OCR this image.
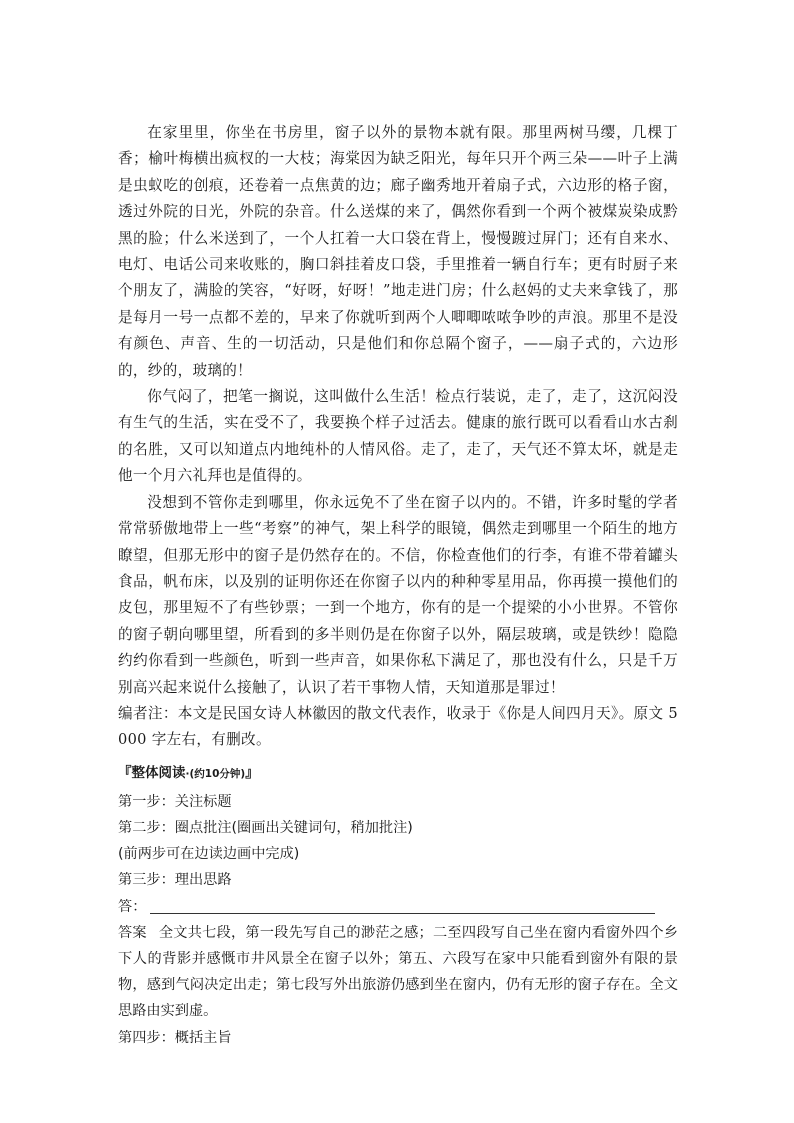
在家里里，你坐在书房里，窗子以外的景物本就有限。那里两树马缨，几棵丁香；榆叶梅横出疯杈的一大枝；海棠因为缺乏阳光，每年只开个两三朵——叶子上满是虫蚁吃的创痕，还卷着一点焦黄的边；廊子幽秀地开着扇子式，六边形的格子窗，透过外院的日光，外院的杂音。什么送煤的来了，偶然你看到一个两个被煤炭染成黔黑的脸；什么米送到了，一个人扛着一大口袋在背上，慢慢踱过屏门；还有自来水、电灯、电话公司来收账的，胸口斜挂着皮口袋，手里推着一辆自行车；更有时厨子来个朋友了，满脸的笑容，“好呀，好呀！”地走进门房；什么赵妈的丈夫来拿钱了，那是每月一号一点都不差的，早来了你就听到两个人唧唧哝哝争吵的声浪。那里不是没有颜色、声音、生的一切活动，只是他们和你总隔个窗子，——扇子式的，六边形的，纱的，玻璃的！

你气闷了，把笔一搁说，这叫做什么生活！检点行装说，走了，走了，这沉闷没有生气的生活，实在受不了，我要换个样子过活去。健康的旅行既可以看看山水古刹的名胜，又可以知道点内地纯朴的人情风俗。走了，走了，天气还不算太坏，就是走他一个月六礼拜也是值得的。

没想到不管你走到哪里，你永远免不了坐在窗子以内的。不错，许多时髦的学者常常骄傲地带上一些“考察”的神气，架上科学的眼镜，偶然走到哪里一个陌生的地方瞭望，但那无形中的窗子是仍然存在的。不信，你检查他们的行李，有谁不带着罐头食品，帆布床，以及别的证明你还在你窗子以内的种种零星用品，你再摸一摸他们的皮包，那里短不了有些钞票；一到一个地方，你有的是一个提梁的小小世界。不管你的窗子朝向哪里望，所看到的多半则仍是在你窗子以外，隔层玻璃，或是铁纱！隐隐约约你看到一些颜色，听到一些声音，如果你私下满足了，那也没有什么，只是千万别高兴起来说什么接触了，认识了若干事物人情，天知道那是罪过！

编者注：本文是民国女诗人林徽因的散文代表作，收录于《你是人间四月天》。原文 5 000 字左右，有删改。

『整体阅读·(约10分钟)』

第一步：关注标题

第二步：圈点批注(圈画出关键词句，稍加批注)

(前两步可在边读边画中完成)

第三步：理出思路

答：

答案 全文共七段，第一段先写自己的渺茫之感；二至四段写自己坐在窗内看窗外四个乡下人的背影并感慨市井风景全在窗子以外；第五、六段写在家中只能看到窗外有限的景物，感到气闷决定出走；第七段写外出旅游仍感到坐在窗内，仍有无形的窗子存在。全文思路由实到虚。

第四步：概括主旨
